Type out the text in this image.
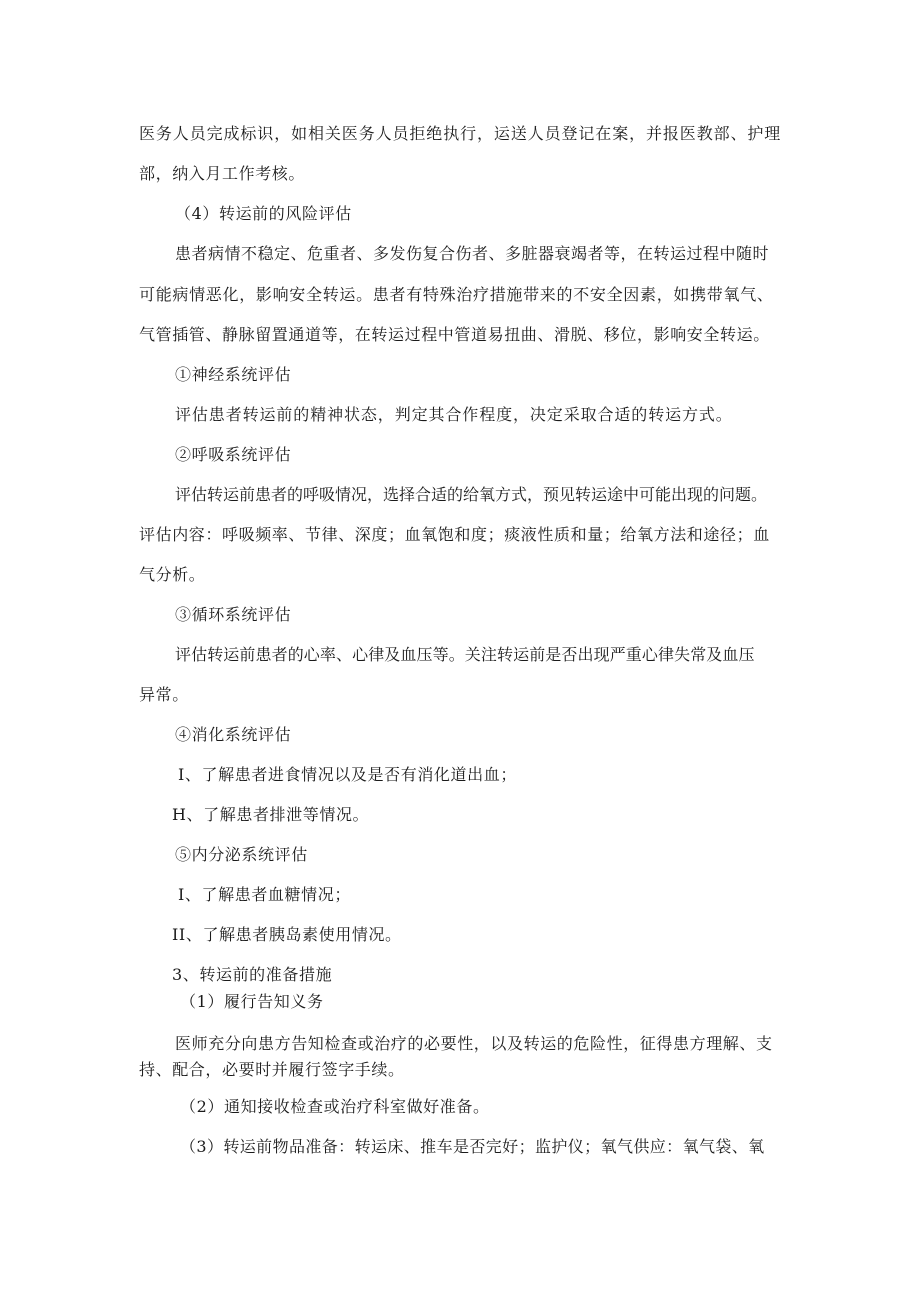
医务人员完成标识，如相关医务人员拒绝执行，运送人员登记在案，并报医教部、护理
部，纳入月工作考核。
（4）转运前的风险评估
患者病情不稳定、危重者、多发伤复合伤者、多脏器衰竭者等，在转运过程中随时
可能病情恶化，影响安全转运。患者有特殊治疗措施带来的不安全因素，如携带氧气、
气管插管、静脉留置通道等，在转运过程中管道易扭曲、滑脱、移位，影响安全转运。
①神经系统评估
评估患者转运前的精神状态，判定其合作程度，决定采取合适的转运方式。
②呼吸系统评估
评估转运前患者的呼吸情况，选择合适的给氧方式，预见转运途中可能出现的问题。
评估内容：呼吸频率、节律、深度；血氧饱和度；痰液性质和量；给氧方法和途径；血
气分析。
③循环系统评估
评估转运前患者的心率、心律及血压等。关注转运前是否出现严重心律失常及血压
异常。
④消化系统评估
I、了解患者进食情况以及是否有消化道出血；
H、了解患者排泄等情况。
⑤内分泌系统评估
I、了解患者血糖情况；
II、了解患者胰岛素使用情况。
3、转运前的准备措施
（1）履行告知义务
医师充分向患方告知检查或治疗的必要性，以及转运的危险性，征得患方理解、支
持、配合，必要时并履行签字手续。
（2）通知接收检查或治疗科室做好准备。
（3）转运前物品准备：转运床、推车是否完好；监护仪；氧气供应：氧气袋、氧
